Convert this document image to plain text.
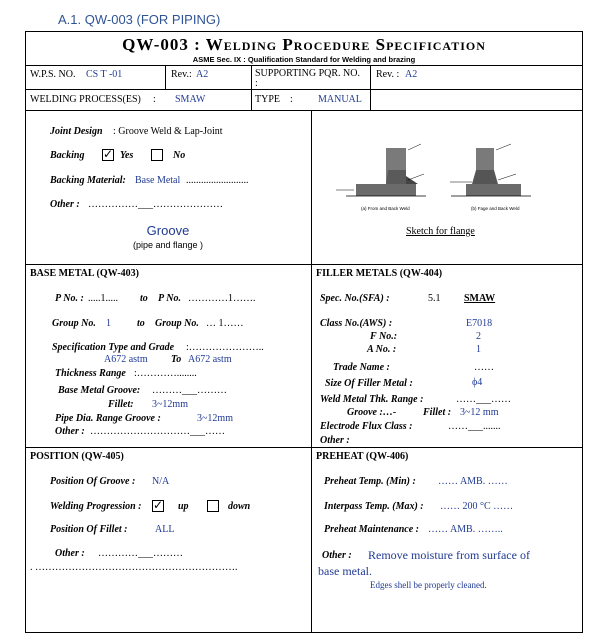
A.1. QW-003 (FOR PIPING)
QW-003 : Welding Procedure Specification
ASME Sec. IX : Qualification Standard for Welding and brazing
W.P.S. NO. CS T -01	Rev.: A2	SUPPORTING PQR. NO.
:
Rev. : A2
WELDING PROCESS(ES) : SMAW	TYPE :	MANUAL
Joint Design : Groove Weld & Lap-Joint
Backing ✓	Yes	No
Backing Material: Base Metal .........................
Other : ……………___…………………
Groove
(pipe and flange )
(a) From and Back Weld	(b) Fage and Back Weld
Sketch for flange
BASE METAL (QW-403)
P No. : .....1..... to P No. …………1…….
Group No. 1	to Group No. … 1……
Specification Type and Grade :…………………..
A672 astm To A672 astm
Thickness Range :…………........
Base Metal Groove: ………___………
Fillet: 3~12mm
Pipe Dia. Range Groove :	3~12mm
Other : …………………………___……
FILLER METALS (QW-404)
Spec. No.(SFA) :	5.1 SMAW
Class No.(AWS) :	E7018
F No.:	2
A No. :	1
Trade Name :	……
Size Of Filler Metal :	ϕ4
Weld Metal Thk. Range :	……___……
Groove :…-	Fillet : 3~12 mm
Electrode Flux Class :	……___.......
Other :
POSITION (QW-405)
Position Of Groove : N/A
Welding Progression : ✓	up	down
Position Of Fillet :	ALL
Other : …………___………
. …………………………………………………….
PREHEAT (QW-406)
Preheat Temp. (Min) : …… AMB. ……
Interpass Temp. (Max) : …… 200 °C ……
Preheat Maintenance : …… AMB. ……..
Other : Remove moisture from surface of
base metal.
Edges shell be properly cleaned.
